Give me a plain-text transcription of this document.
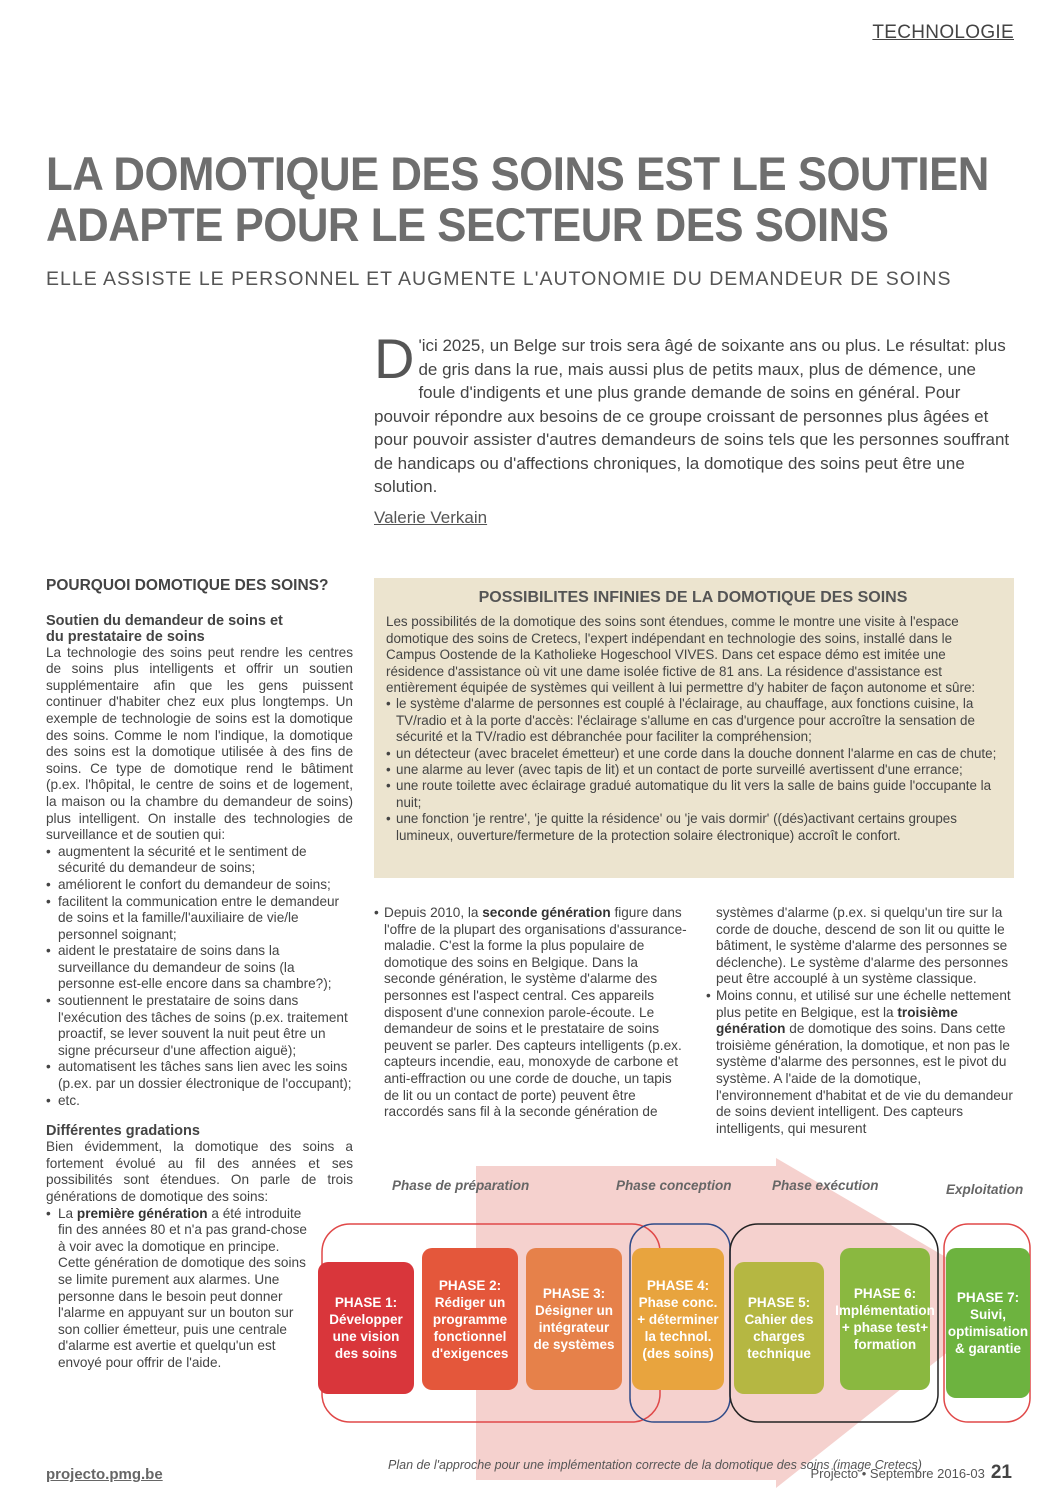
TECHNOLOGIE
LA DOMOTIQUE DES SOINS EST LE SOUTIEN
ADAPTE POUR LE SECTEUR DES SOINS
ELLE ASSISTE LE PERSONNEL ET AUGMENTE L'AUTONOMIE DU DEMANDEUR DE SOINS
D 'ici 2025, un Belge sur trois sera âgé de soixante ans ou plus. Le résultat: plus de gris dans la rue, mais aussi plus de petits maux, plus de démence, une foule d'indigents et une plus grande demande de soins en général. Pour pouvoir répondre aux besoins de ce groupe croissant de personnes plus âgées et pour pouvoir assister d'autres demandeurs de soins tels que les personnes souffrant de handicaps ou d'affections chroniques, la domotique des soins peut être une solution.
Valerie Verkain
POURQUOI DOMOTIQUE DES SOINS?
Soutien du demandeur de soins et du prestataire de soins

La technologie des soins peut rendre les centres de soins plus intelligents et offrir un soutien supplémentaire afin que les gens puissent continuer d'habiter chez eux plus longtemps. Un exemple de technologie de soins est la domotique des soins. Comme le nom l'indique, la domotique des soins est la domotique utilisée à des fins de soins. Ce type de domotique rend le bâtiment (p.ex. l'hôpital, le centre de soins et de logement, la maison ou la chambre du demandeur de soins) plus intelligent. On installe des technologies de surveillance et de soutien qui:

• augmentent la sécurité et le sentiment de sécurité du demandeur de soins;
• améliorent le confort du demandeur de soins;
• facilitent la communication entre le demandeur de soins et la famille/l'auxiliaire de vie/le personnel soignant;
• aident le prestataire de soins dans la surveillance du demandeur de soins (la personne est-elle encore dans sa chambre?);
• soutiennent le prestataire de soins dans l'exécution des tâches de soins (p.ex. traitement proactif, se lever souvent la nuit peut être un signe précurseur d'une affection aiguë);
• automatisent les tâches sans lien avec les soins (p.ex. par un dossier électronique de l'occupant);
• etc.
Différentes gradations

Bien évidemment, la domotique des soins a fortement évolué au fil des années et ses possibilités sont étendues. On parle de trois générations de domotique des soins:

• La première génération a été introduite fin des années 80 et n'a pas grand-chose à voir avec la domotique en principe. Cette génération de domotique des soins se limite purement aux alarmes. Une personne dans le besoin peut donner l'alarme en appuyant sur un bouton sur son collier émetteur, puis une centrale d'alarme est avertie et quelqu'un est envoyé pour offrir de l'aide.
POSSIBILITES INFINIES DE LA DOMOTIQUE DES SOINS

Les possibilités de la domotique des soins sont étendues, comme le montre une visite à l'espace domotique des soins de Cretecs, l'expert indépendant en technologie des soins, installé dans le Campus Oostende de la Katholieke Hogeschool VIVES. Dans cet espace démo est imitée une résidence d'assistance où vit une dame isolée fictive de 81 ans. La résidence d'assistance est entièrement équipée de systèmes qui veillent à lui permettre d'y habiter de façon autonome et sûre:

• le système d'alarme de personnes est couplé à l'éclairage, au chauffage, aux fonctions cuisine, la TV/radio et à la porte d'accès: l'éclairage s'allume en cas d'urgence pour accroître la sensation de sécurité et la TV/radio est débranchée pour faciliter la compréhension;
• un détecteur (avec bracelet émetteur) et une corde dans la douche donnent l'alarme en cas de chute;
• une alarme au lever (avec tapis de lit) et un contact de porte surveillé avertissent d'une errance;
• une route toilette avec éclairage gradué automatique du lit vers la salle de bains guide l'occupante la nuit;
• une fonction 'je rentre', 'je quitte la résidence' ou 'je vais dormir' ((dés)activant certains groupes lumineux, ouverture/fermeture de la protection solaire électronique) accroît le confort.
• Depuis 2010, la seconde génération figure dans l'offre de la plupart des organisations d'assurance-maladie. C'est la forme la plus populaire de domotique des soins en Belgique. Dans la seconde génération, le système d'alarme des personnes est l'aspect central. Ces appareils disposent d'une connexion parole-écoute. Le demandeur de soins et le prestataire de soins peuvent se parler. Des capteurs intelligents (p.ex. capteurs incendie, eau, monoxyde de carbone et anti-effraction ou une corde de douche, un tapis de lit ou un contact de porte) peuvent être raccordés sans fil à la seconde génération de

systèmes d'alarme (p.ex. si quelqu'un tire sur la corde de douche, descend de son lit ou quitte le bâtiment, le système d'alarme des personnes se déclenche). Le système d'alarme des personnes peut être accouplé à un système classique.

• Moins connu, et utilisé sur une échelle nettement plus petite en Belgique, est la troisième génération de domotique des soins. Dans cette troisième génération, la domotique, et non pas le système d'alarme des personnes, est le pivot du système. A l'aide de la domotique, l'environnement d'habitat et de vie du demandeur de soins devient intelligent. Des capteurs intelligents, qui mesurent
Phase de préparation	Phase conception	Phase exécution	Exploitation
PHASE 1: Développer une vision des soins
PHASE 2: Rédiger un programme fonctionnel d'exigences
PHASE 3: Désigner un intégrateur de systèmes
PHASE 4: Phase conc. + déterminer la technol. (des soins)
PHASE 5: Cahier des charges technique
PHASE 6: Implémentation + phase test+ formation
PHASE 7: Suivi, optimisation & garantie
Plan de l'approche pour une implémentation correcte de la domotique des soins (image Cretecs)
projecto.pmg.be	Projecto • Septembre 2016-03 21
